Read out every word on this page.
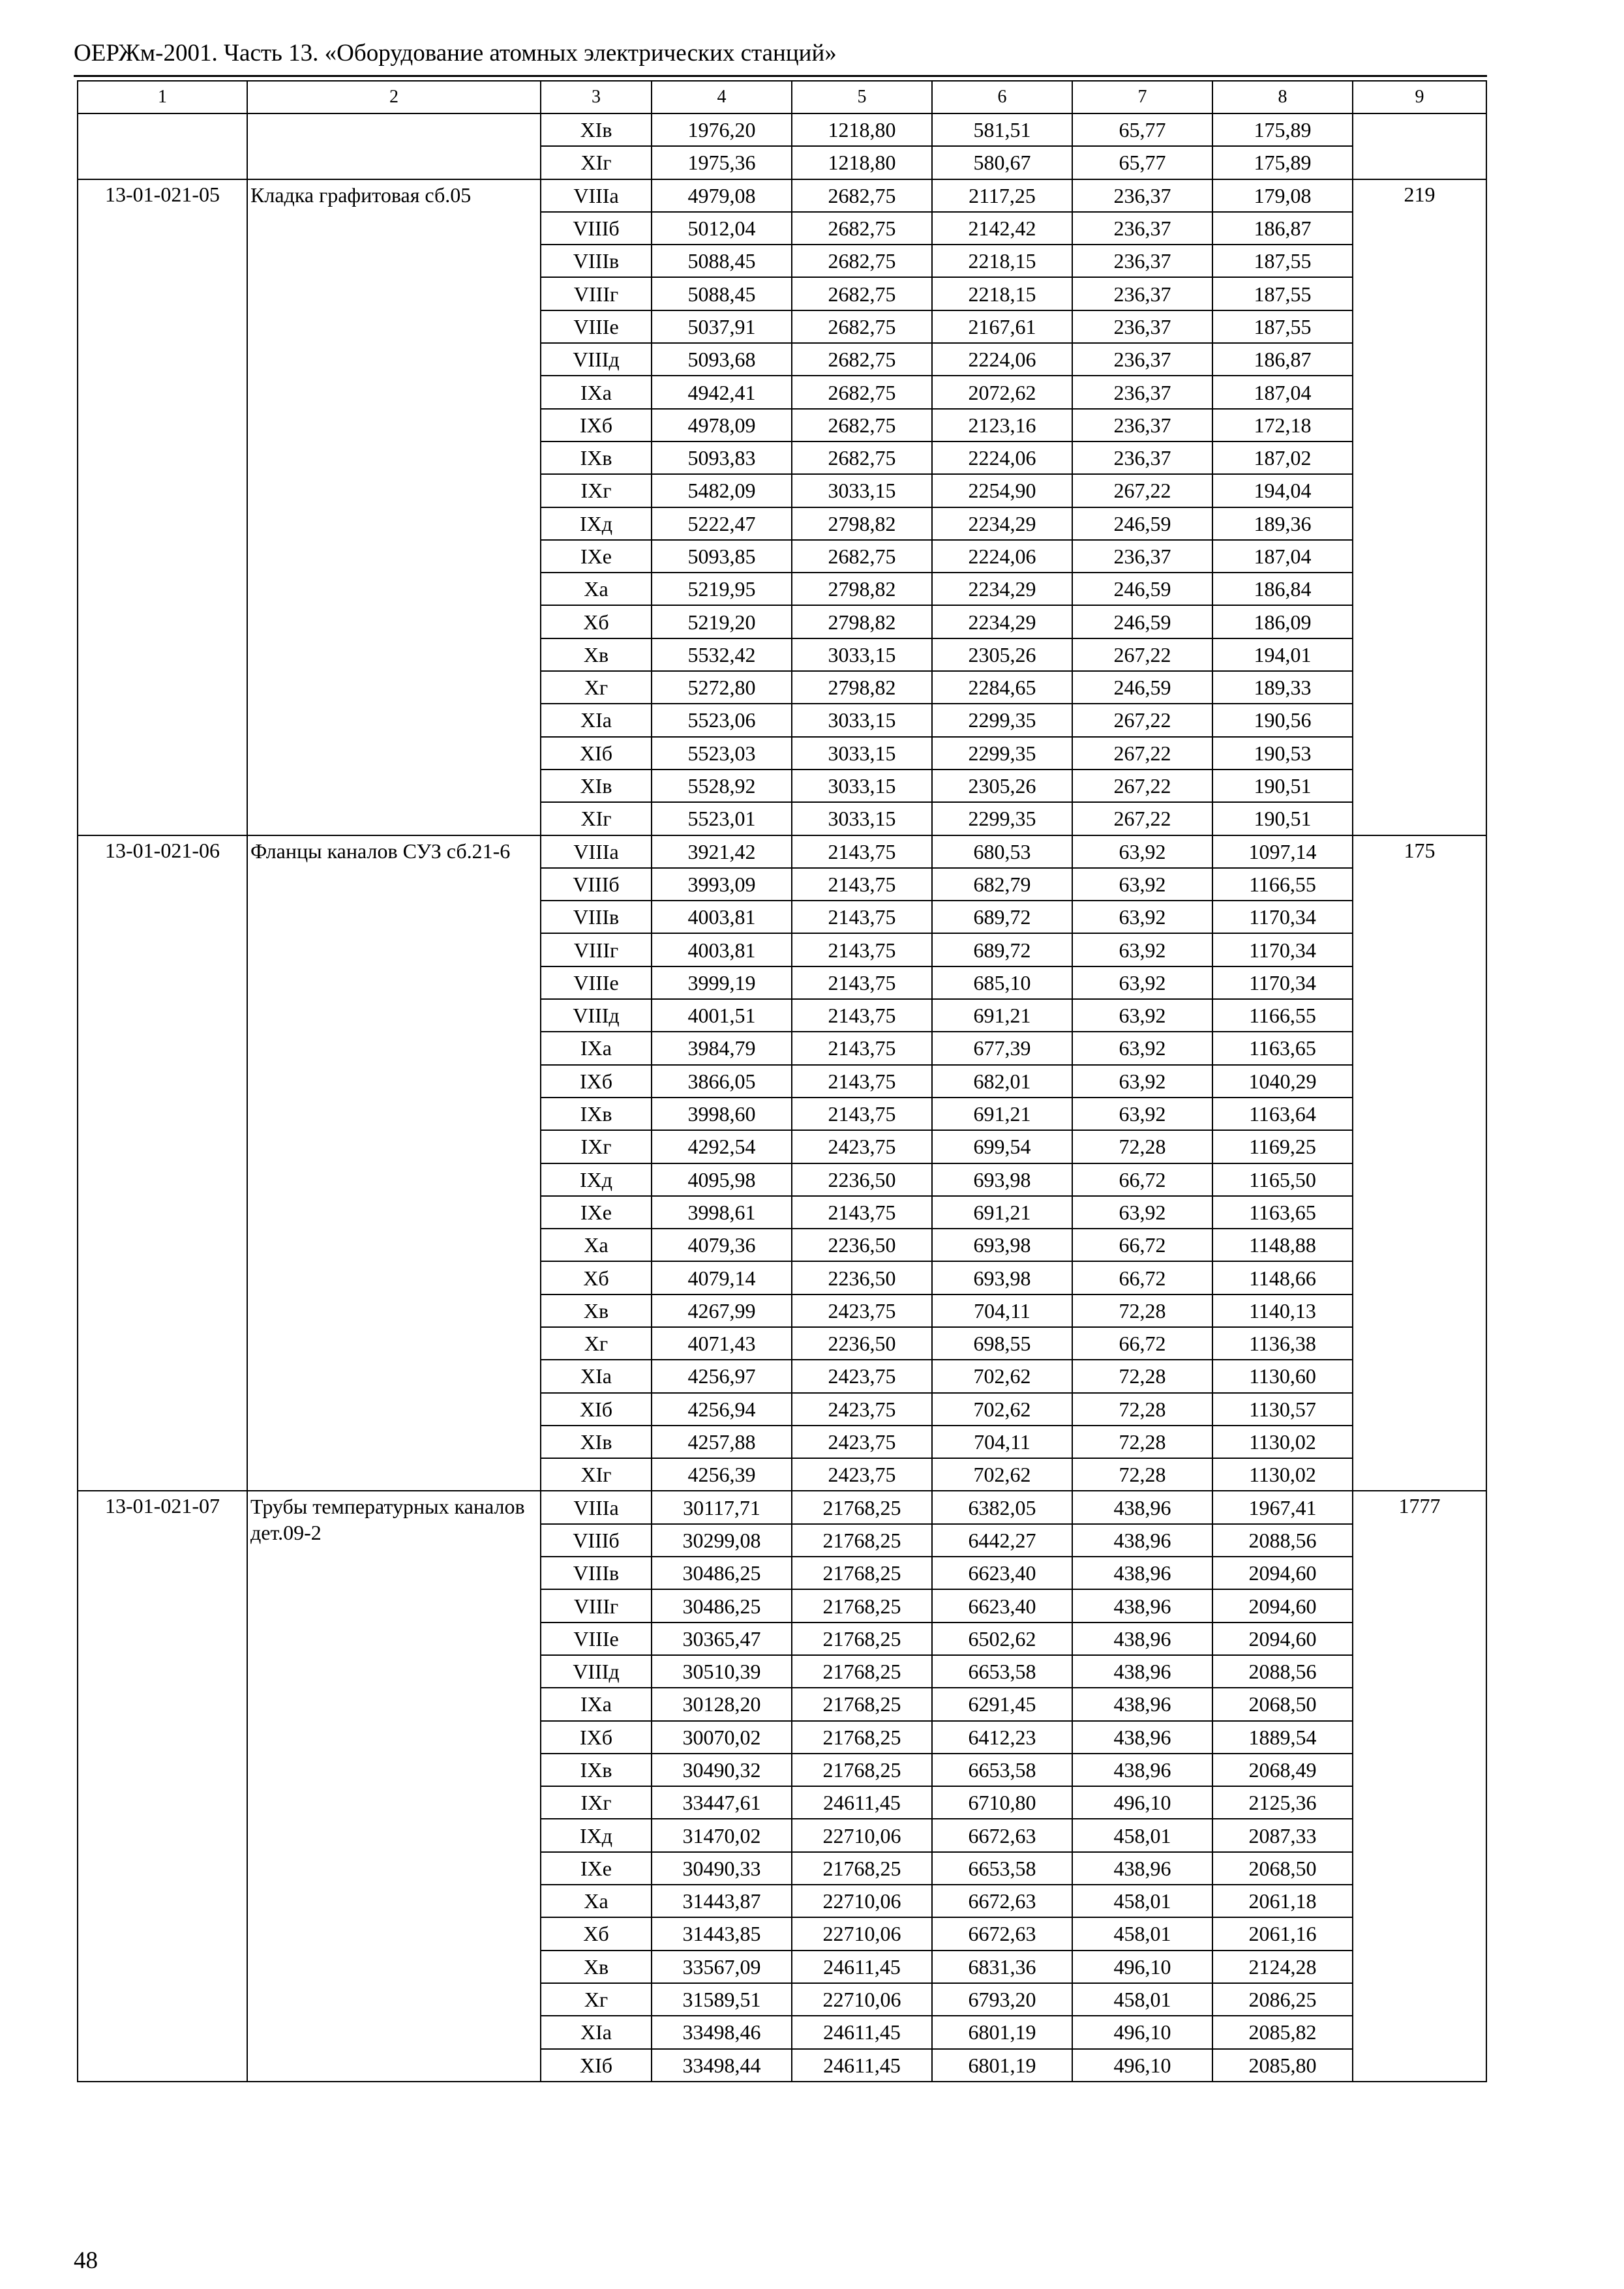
ОЕРЖм-2001. Часть 13. «Оборудование атомных электрических станций»
1	2	3	4	5	6	7	8	9
		XIв	1976,20	1218,80	581,51	65,77	175,89	
		XIг	1975,36	1218,80	580,67	65,77	175,89	
13-01-021-05	Кладка графитовая сб.05	VIIIа	4979,08	2682,75	2117,25	236,37	179,08	219
		VIIIб	5012,04	2682,75	2142,42	236,37	186,87	
		VIIIв	5088,45	2682,75	2218,15	236,37	187,55	
		VIIIг	5088,45	2682,75	2218,15	236,37	187,55	
		VIIIе	5037,91	2682,75	2167,61	236,37	187,55	
		VIIIд	5093,68	2682,75	2224,06	236,37	186,87	
		IXа	4942,41	2682,75	2072,62	236,37	187,04	
		IXб	4978,09	2682,75	2123,16	236,37	172,18	
		IXв	5093,83	2682,75	2224,06	236,37	187,02	
		IXг	5482,09	3033,15	2254,90	267,22	194,04	
		IXд	5222,47	2798,82	2234,29	246,59	189,36	
		IXе	5093,85	2682,75	2224,06	236,37	187,04	
		Xа	5219,95	2798,82	2234,29	246,59	186,84	
		Xб	5219,20	2798,82	2234,29	246,59	186,09	
		Xв	5532,42	3033,15	2305,26	267,22	194,01	
		Xг	5272,80	2798,82	2284,65	246,59	189,33	
		XIа	5523,06	3033,15	2299,35	267,22	190,56	
		XIб	5523,03	3033,15	2299,35	267,22	190,53	
		XIв	5528,92	3033,15	2305,26	267,22	190,51	
		XIг	5523,01	3033,15	2299,35	267,22	190,51	
13-01-021-06	Фланцы каналов СУЗ сб.21-6	VIIIа	3921,42	2143,75	680,53	63,92	1097,14	175
		VIIIб	3993,09	2143,75	682,79	63,92	1166,55	
		VIIIв	4003,81	2143,75	689,72	63,92	1170,34	
		VIIIг	4003,81	2143,75	689,72	63,92	1170,34	
		VIIIе	3999,19	2143,75	685,10	63,92	1170,34	
		VIIIд	4001,51	2143,75	691,21	63,92	1166,55	
		IXа	3984,79	2143,75	677,39	63,92	1163,65	
		IXб	3866,05	2143,75	682,01	63,92	1040,29	
		IXв	3998,60	2143,75	691,21	63,92	1163,64	
		IXг	4292,54	2423,75	699,54	72,28	1169,25	
		IXд	4095,98	2236,50	693,98	66,72	1165,50	
		IXе	3998,61	2143,75	691,21	63,92	1163,65	
		Xа	4079,36	2236,50	693,98	66,72	1148,88	
		Xб	4079,14	2236,50	693,98	66,72	1148,66	
		Xв	4267,99	2423,75	704,11	72,28	1140,13	
		Xг	4071,43	2236,50	698,55	66,72	1136,38	
		XIа	4256,97	2423,75	702,62	72,28	1130,60	
		XIб	4256,94	2423,75	702,62	72,28	1130,57	
		XIв	4257,88	2423,75	704,11	72,28	1130,02	
		XIг	4256,39	2423,75	702,62	72,28	1130,02	
13-01-021-07	Трубы температурных каналов дет.09-2	VIIIа	30117,71	21768,25	6382,05	438,96	1967,41	1777
		VIIIб	30299,08	21768,25	6442,27	438,96	2088,56	
		VIIIв	30486,25	21768,25	6623,40	438,96	2094,60	
		VIIIг	30486,25	21768,25	6623,40	438,96	2094,60	
		VIIIе	30365,47	21768,25	6502,62	438,96	2094,60	
		VIIIд	30510,39	21768,25	6653,58	438,96	2088,56	
		IXа	30128,20	21768,25	6291,45	438,96	2068,50	
		IXб	30070,02	21768,25	6412,23	438,96	1889,54	
		IXв	30490,32	21768,25	6653,58	438,96	2068,49	
		IXг	33447,61	24611,45	6710,80	496,10	2125,36	
		IXд	31470,02	22710,06	6672,63	458,01	2087,33	
		IXе	30490,33	21768,25	6653,58	438,96	2068,50	
		Xа	31443,87	22710,06	6672,63	458,01	2061,18	
		Xб	31443,85	22710,06	6672,63	458,01	2061,16	
		Xв	33567,09	24611,45	6831,36	496,10	2124,28	
		Xг	31589,51	22710,06	6793,20	458,01	2086,25	
		XIа	33498,46	24611,45	6801,19	496,10	2085,82	
		XIб	33498,44	24611,45	6801,19	496,10	2085,80	
48
